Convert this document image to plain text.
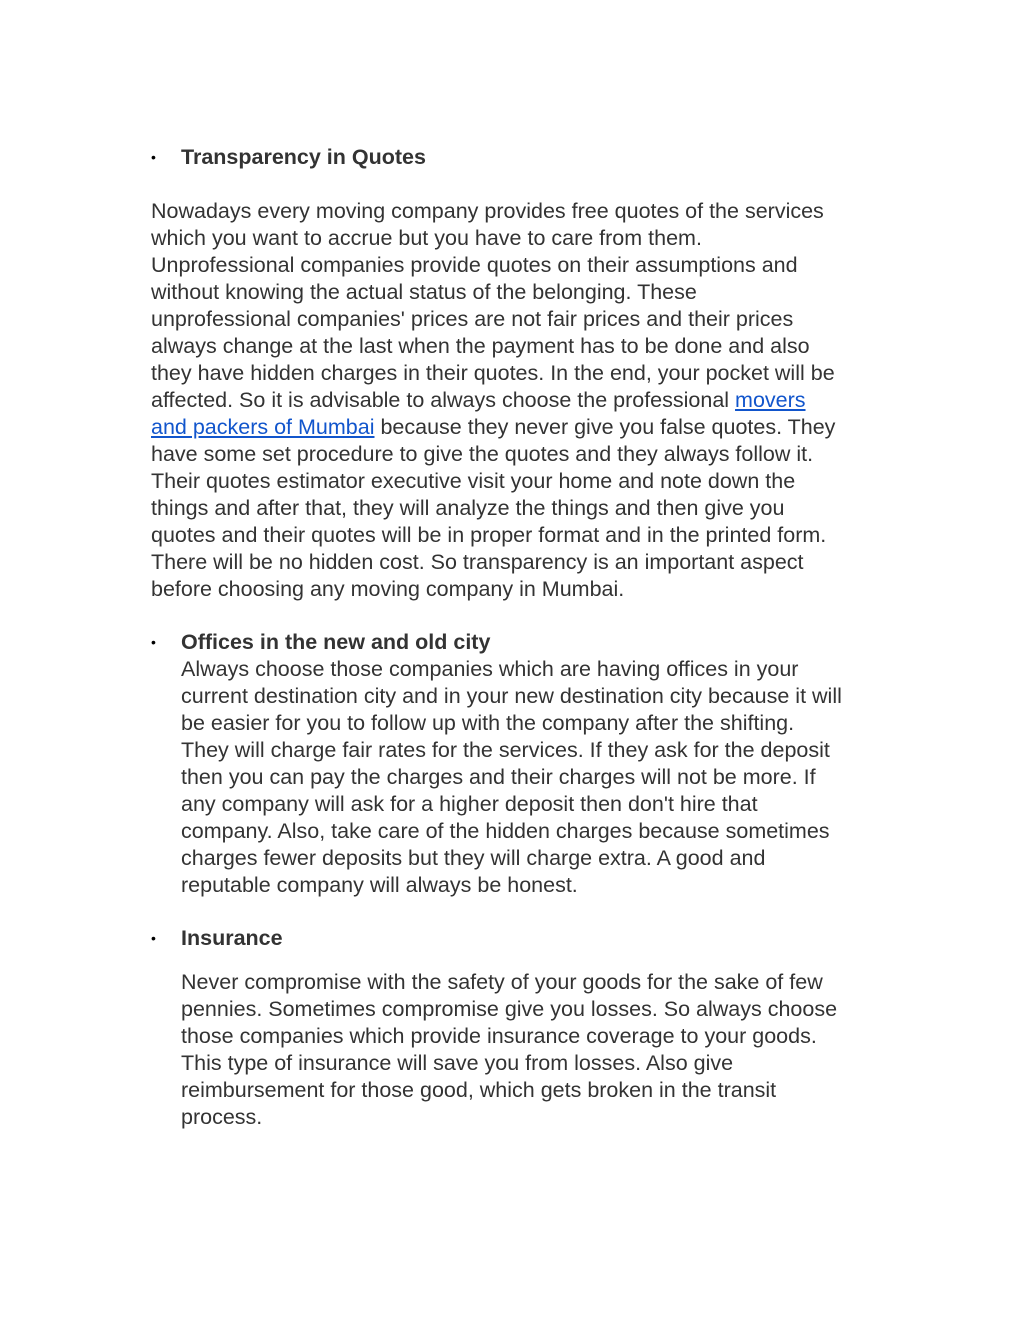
• Transparency in Quotes
Nowadays every moving company provides free quotes of the services
which you want to accrue but you have to care from them.
Unprofessional companies provide quotes on their assumptions and
without knowing the actual status of the belonging. These
unprofessional companies' prices are not fair prices and their prices
always change at the last when the payment has to be done and also
they have hidden charges in their quotes. In the end, your pocket will be
affected. So it is advisable to always choose the professional movers
and packers of Mumbai because they never give you false quotes. They
have some set procedure to give the quotes and they always follow it.
Their quotes estimator executive visit your home and note down the
things and after that, they will analyze the things and then give you
quotes and their quotes will be in proper format and in the printed form.
There will be no hidden cost. So transparency is an important aspect
before choosing any moving company in Mumbai.
• Offices in the new and old city
Always choose those companies which are having offices in your
current destination city and in your new destination city because it will
be easier for you to follow up with the company after the shifting.
They will charge fair rates for the services. If they ask for the deposit
then you can pay the charges and their charges will not be more. If
any company will ask for a higher deposit then don't hire that
company. Also, take care of the hidden charges because sometimes
charges fewer deposits but they will charge extra. A good and
reputable company will always be honest.
• Insurance
Never compromise with the safety of your goods for the sake of few
pennies. Sometimes compromise give you losses. So always choose
those companies which provide insurance coverage to your goods.
This type of insurance will save you from losses. Also give
reimbursement for those good, which gets broken in the transit
process.
